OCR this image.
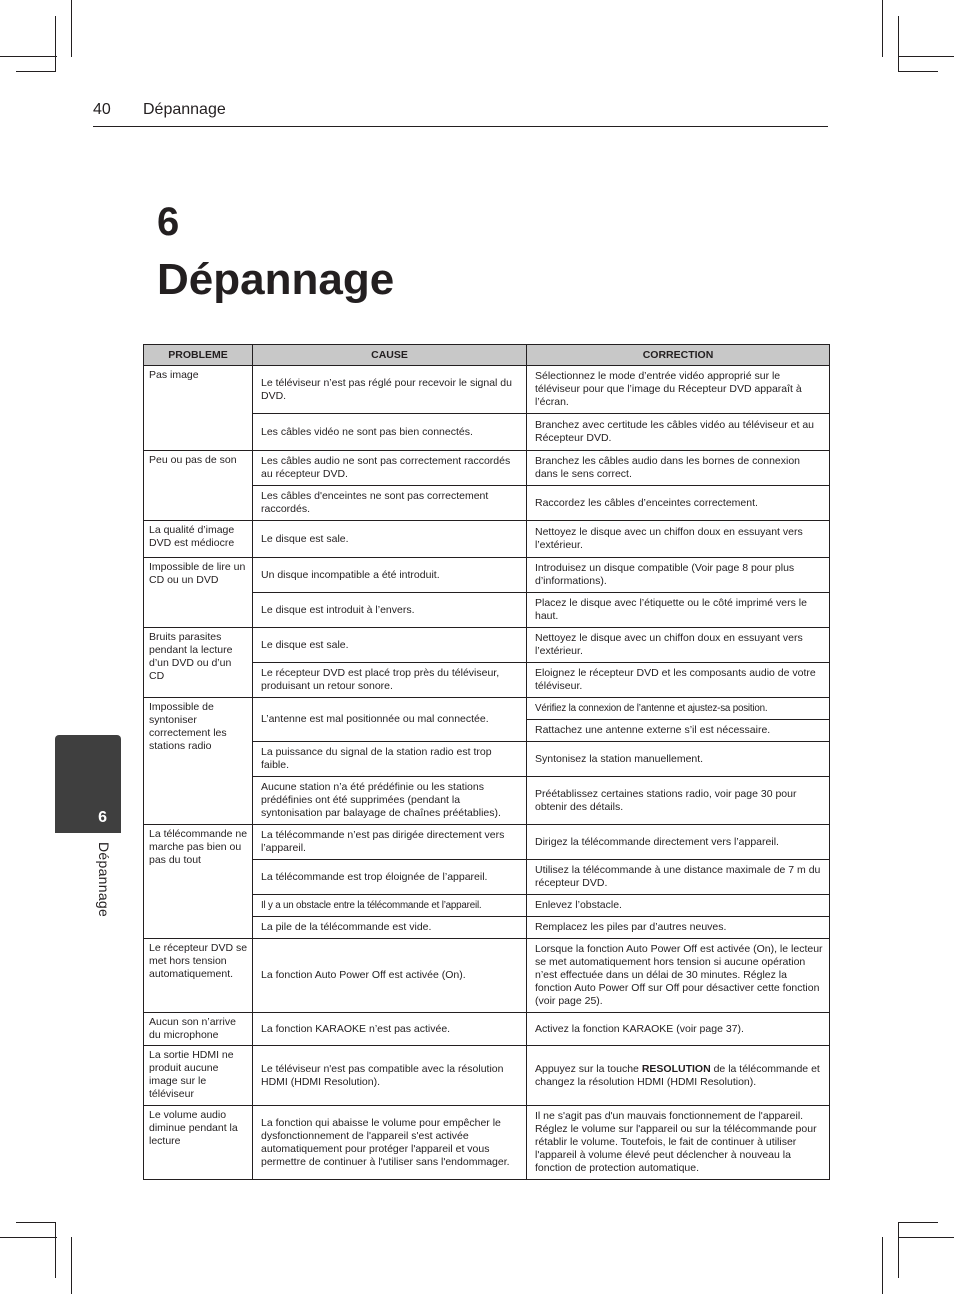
40 Dépannage
6
Dépannage
6
Dépannage
PROBLEME	CAUSE	CORRECTION
Pas image	Le téléviseur n’est pas réglé pour recevoir le signal du DVD.	Sélectionnez le mode d’entrée vidéo approprié sur le téléviseur pour que l’image du Récepteur DVD apparaît à l’écran.
	Les câbles vidéo ne sont pas bien connectés.	Branchez avec certitude les câbles vidéo au téléviseur et au Récepteur DVD.
Peu ou pas de son	Les câbles audio ne sont pas correctement raccordés au récepteur DVD.	Branchez les câbles audio dans les bornes de connexion dans le sens correct.
	Les câbles d'enceintes ne sont pas correctement raccordés.	Raccordez les câbles d’enceintes correctement.
La qualité d’image DVD est médiocre	Le disque est sale.	Nettoyez le disque avec un chiffon doux en essuyant vers l’extérieur.
Impossible de lire un CD ou un DVD	Un disque incompatible a été introduit.	Introduisez un disque compatible (Voir page 8 pour plus d’informations).
	Le disque est introduit à l’envers.	Placez le disque avec l’étiquette ou le côté imprimé vers le haut.
Bruits parasites pendant la lecture d’un DVD ou d’un CD	Le disque est sale.	Nettoyez le disque avec un chiffon doux en essuyant vers l’extérieur.
	Le récepteur DVD est placé trop près du téléviseur, produisant un retour sonore.	Eloignez le récepteur DVD et les composants audio de votre téléviseur.
Impossible de syntoniser correctement les stations radio	L’antenne est mal positionnée ou mal connectée.	Vérifiez la connexion de l’antenne et ajustez-sa position.
		Rattachez une antenne externe s’il est nécessaire.
	La puissance du signal de la station radio est trop faible.	Syntonisez la station manuellement.
	Aucune station n’a été prédéfinie ou les stations prédéfinies ont été supprimées (pendant la syntonisation par balayage de chaînes préétablies).	Préétablissez certaines stations radio, voir page 30 pour obtenir des détails.
La télécommande ne marche pas bien ou pas du tout	La télécommande n’est pas dirigée directement vers l’appareil.	Dirigez la télécommande directement vers l’appareil.
	La télécommande est trop éloignée de l’appareil.	Utilisez la télécommande à une distance maximale de 7 m du récepteur DVD.
	Il y a un obstacle entre la télécommande et l’appareil.	Enlevez l’obstacle.
	La pile de la télécommande est vide.	Remplacez les piles par d’autres neuves.
Le récepteur DVD se met hors tension automatiquement.	La fonction Auto Power Off est activée (On).	Lorsque la fonction Auto Power Off est activée (On), le lecteur se met automatiquement hors tension si aucune opération n’est effectuée dans un délai de 30 minutes. Réglez la fonction Auto Power Off sur Off pour désactiver cette fonction (voir page 25).
Aucun son n’arrive du microphone	La fonction KARAOKE n’est pas activée.	Activez la fonction KARAOKE (voir page 37).
La sortie HDMI ne produit aucune image sur le téléviseur	Le téléviseur n'est pas compatible avec la résolution HDMI (HDMI Resolution).	Appuyez sur la touche RESOLUTION de la télécommande et changez la résolution HDMI (HDMI Resolution).
Le volume audio diminue pendant la lecture	La fonction qui abaisse le volume pour empêcher le dysfonctionnement de l'appareil s'est activée automatiquement pour protéger l'appareil et vous permettre de continuer à l'utiliser sans l'endommager.	Il ne s'agit pas d'un mauvais fonctionnement de l'appareil. Réglez le volume sur l'appareil ou sur la télécommande pour rétablir le volume. Toutefois, le fait de continuer à utiliser l'appareil à volume élevé peut déclencher à nouveau la fonction de protection automatique.
